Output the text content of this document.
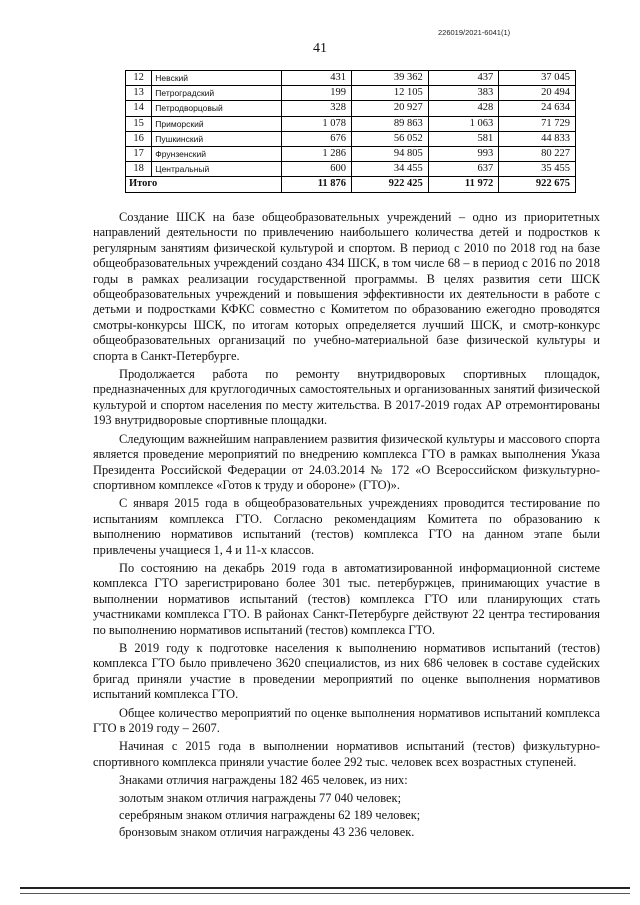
226019/2021-6041(1)
41
12	Невский	431	39 362	437	37 045
13	Петроградский	199	12 105	383	20 494
14	Петродворцовый	328	20 927	428	24 634
15	Приморский	1 078	89 863	1 063	71 729
16	Пушкинский	676	56 052	581	44 833
17	Фрунзенский	1 286	94 805	993	80 227
18	Центральный	600	34 455	637	35 455
Итого		11 876	922 425	11 972	922 675

Создание ШСК на базе общеобразовательных учреждений – одно из приоритетных направлений деятельности по привлечению наибольшего количества детей и подростков к регулярным занятиям физической культурой и спортом. В период с 2010 по 2018 год на базе общеобразовательных учреждений создано 434 ШСК, в том числе 68 – в период с 2016 по 2018 годы в рамках реализации государственной программы. В целях развития сети ШСК общеобразовательных учреждений и повышения эффективности их деятельности в работе с детьми и подростками КФКС совместно с Комитетом по образованию ежегодно проводятся смотры-конкурсы ШСК, по итогам которых определяется лучший ШСК, и смотр-конкурс общеобразовательных организаций по учебно-материальной базе физической культуры и спорта в Санкт-Петербурге.

Продолжается работа по ремонту внутридворовых спортивных площадок, предназначенных для круглогодичных самостоятельных и организованных занятий физической культурой и спортом населения по месту жительства. В 2017-2019 годах АР отремонтированы 193 внутридворовые спортивные площадки.

Следующим важнейшим направлением развития физической культуры и массового спорта является проведение мероприятий по внедрению комплекса ГТО в рамках выполнения Указа Президента Российской Федерации от 24.03.2014 № 172 «О Всероссийском физкультурно-спортивном комплексе «Готов к труду и обороне» (ГТО)».

С января 2015 года в общеобразовательных учреждениях проводится тестирование по испытаниям комплекса ГТО. Согласно рекомендациям Комитета по образованию к выполнению нормативов испытаний (тестов) комплекса ГТО на данном этапе были привлечены учащиеся 1, 4 и 11-х классов.

По состоянию на декабрь 2019 года в автоматизированной информационной системе комплекса ГТО зарегистрировано более 301 тыс. петербуржцев, принимающих участие в выполнении нормативов испытаний (тестов) комплекса ГТО или планирующих стать участниками комплекса ГТО. В районах Санкт-Петербурге действуют 22 центра тестирования по выполнению нормативов испытаний (тестов) комплекса ГТО.

В 2019 году к подготовке населения к выполнению нормативов испытаний (тестов) комплекса ГТО было привлечено 3620 специалистов, из них 686 человек в составе судейских бригад приняли участие в проведении мероприятий по оценке выполнения нормативов испытаний комплекса ГТО.

Общее количество мероприятий по оценке выполнения нормативов испытаний комплекса ГТО в 2019 году – 2607.

Начиная с 2015 года в выполнении нормативов испытаний (тестов) физкультурно-спортивного комплекса приняли участие более 292 тыс. человек всех возрастных ступеней.

Знаками отличия награждены 182 465 человек, из них:

золотым знаком отличия награждены 77 040 человек;

серебряным знаком отличия награждены 62 189 человек;

бронзовым знаком отличия награждены 43 236 человек.
